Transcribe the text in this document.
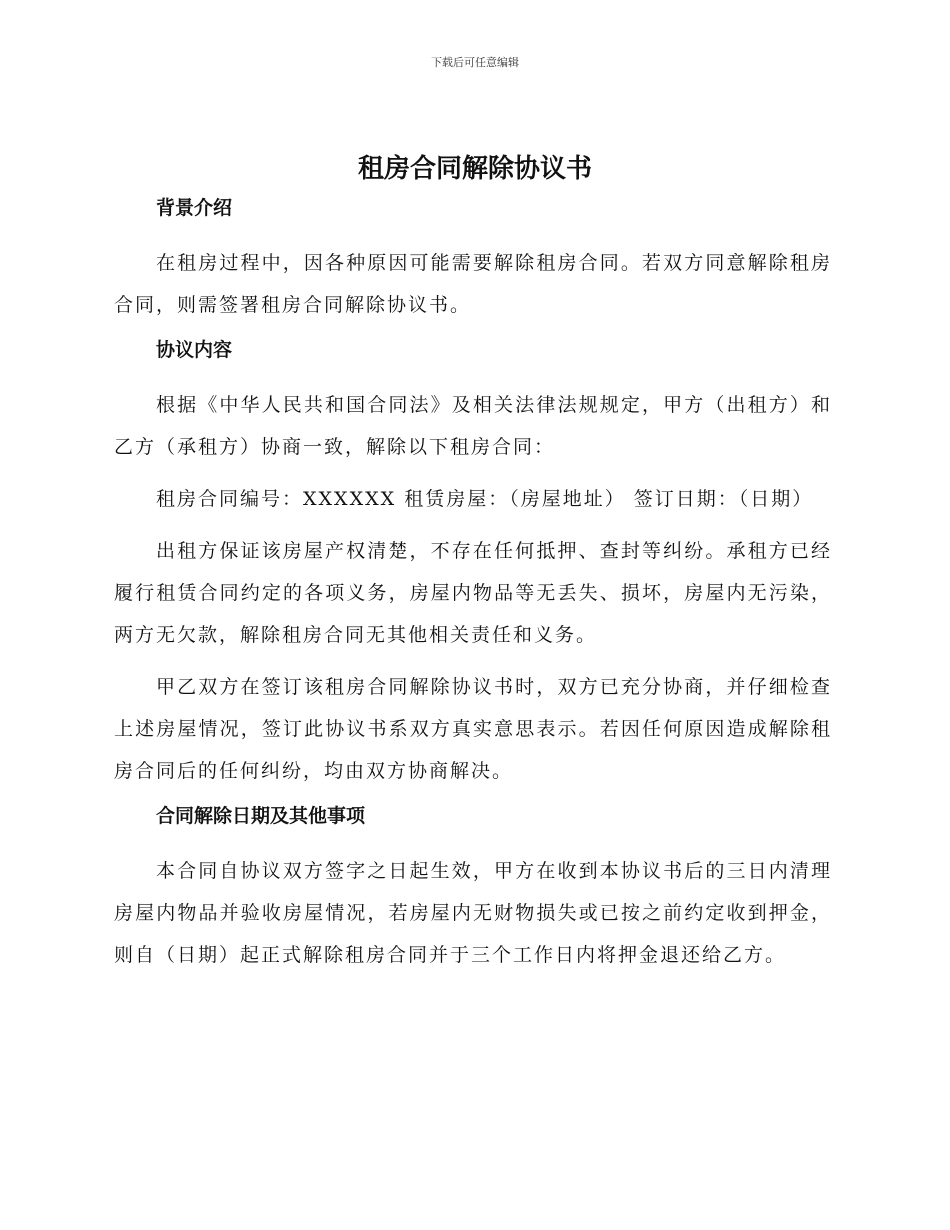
下载后可任意编辑
租房合同解除协议书
背景介绍

在租房过程中，因各种原因可能需要解除租房合同。若双方同意解除租房合同，则需签署租房合同解除协议书。

协议内容

根据《中华人民共和国合同法》及相关法律法规规定，甲方（出租方）和乙方（承租方）协商一致，解除以下租房合同：

租房合同编号：XXXXXX 租赁房屋：（房屋地址） 签订日期：（日期）

出租方保证该房屋产权清楚，不存在任何抵押、查封等纠纷。承租方已经履行租赁合同约定的各项义务，房屋内物品等无丢失、损坏，房屋内无污染，两方无欠款，解除租房合同无其他相关责任和义务。

甲乙双方在签订该租房合同解除协议书时，双方已充分协商，并仔细检查上述房屋情况，签订此协议书系双方真实意思表示。若因任何原因造成解除租房合同后的任何纠纷，均由双方协商解决。

合同解除日期及其他事项

本合同自协议双方签字之日起生效，甲方在收到本协议书后的三日内清理房屋内物品并验收房屋情况，若房屋内无财物损失或已按之前约定收到押金，则自（日期）起正式解除租房合同并于三个工作日内将押金退还给乙方。
